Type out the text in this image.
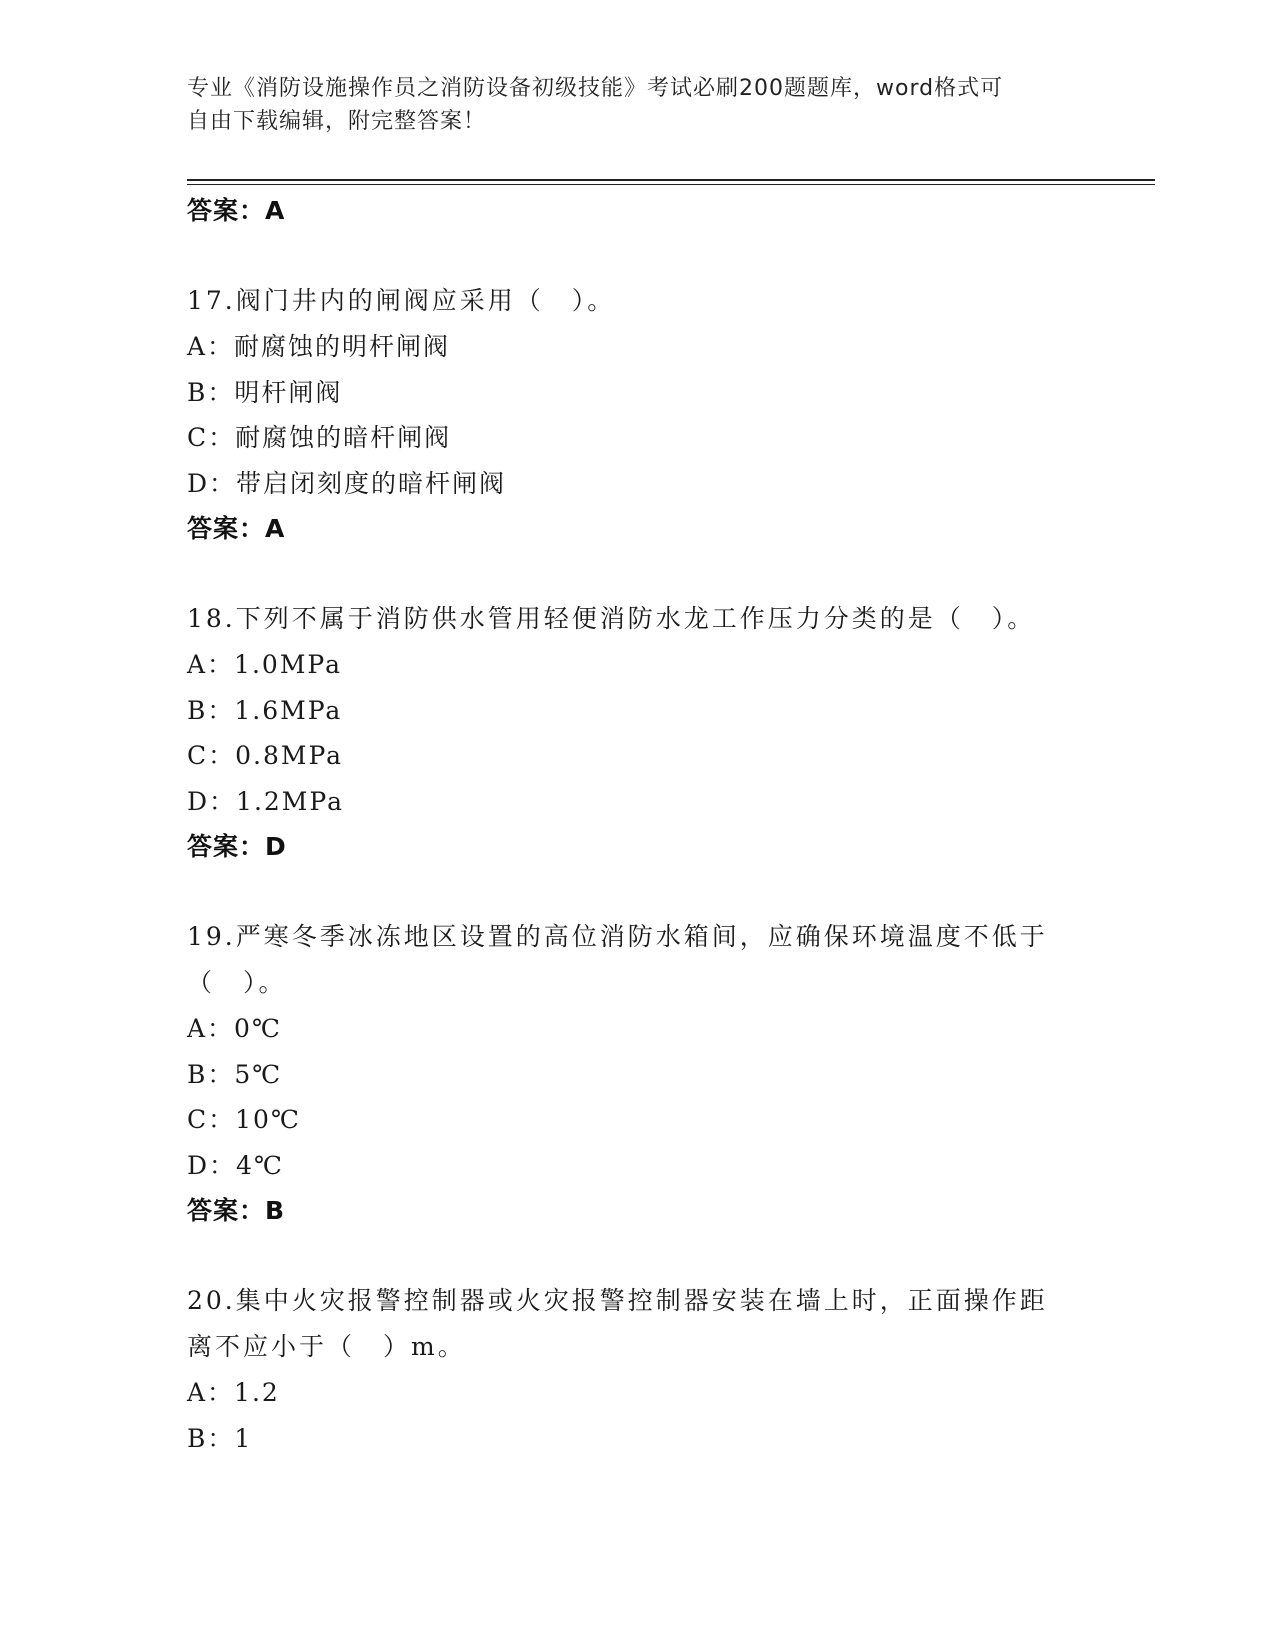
专业《消防设施操作员之消防设备初级技能》考试必刷200题题库，word格式可
自由下载编辑，附完整答案！
答案：A
17.阀门井内的闸阀应采用（　）。
A：耐腐蚀的明杆闸阀
B：明杆闸阀
C：耐腐蚀的暗杆闸阀
D：带启闭刻度的暗杆闸阀
答案：A
18.下列不属于消防供水管用轻便消防水龙工作压力分类的是（　）。
A：1.0MPa
B：1.6MPa
C：0.8MPa
D：1.2MPa
答案：D
19.严寒冬季冰冻地区设置的高位消防水箱间，应确保环境温度不低于
（　）。
A：0℃
B：5℃
C：10℃
D：4℃
答案：B
20.集中火灾报警控制器或火灾报警控制器安装在墙上时，正面操作距
离不应小于（　）m。
A：1.2
B：1
